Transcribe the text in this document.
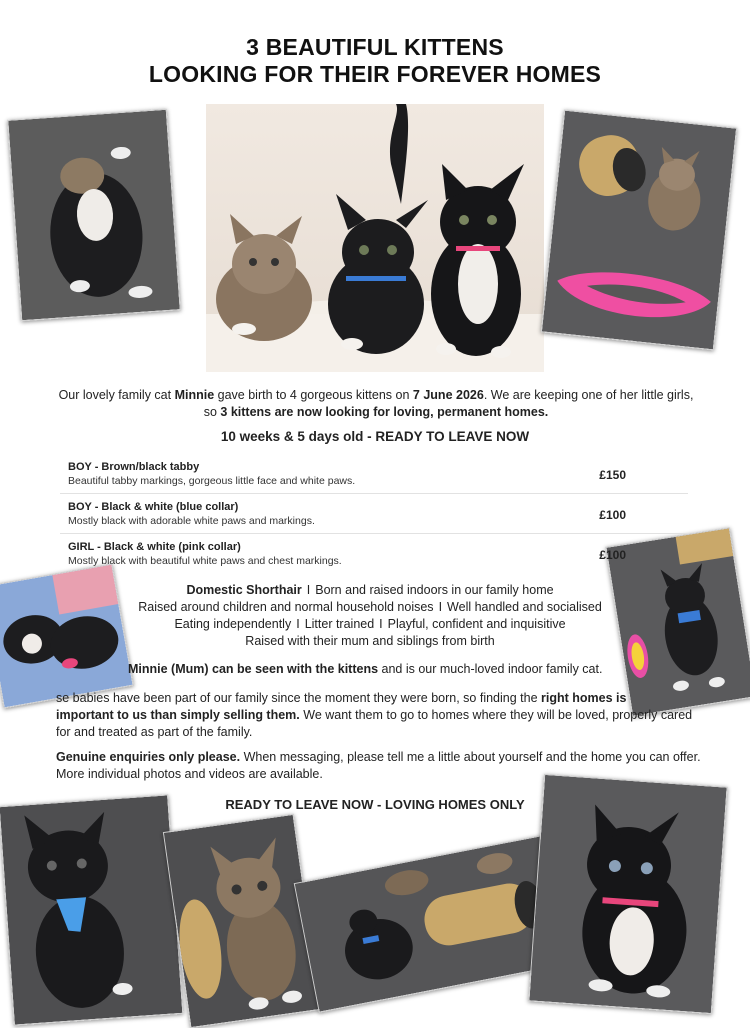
3 BEAUTIFUL KITTENS
LOOKING FOR THEIR FOREVER HOMES
Our lovely family cat Minnie gave birth to 4 gorgeous kittens on 7 June 2026. We are keeping one of her little girls, so 3 kittens are now looking for loving, permanent homes.
10 weeks & 5 days old - READY TO LEAVE NOW
BOY - Brown/black tabby
Beautiful tabby markings, gorgeous little face and white paws.	£150
BOY - Black & white (blue collar)
Mostly black with adorable white paws and markings.	£100
GIRL - Black & white (pink collar)
Mostly black with beautiful white paws and chest markings.	£100
Domestic Shorthair I Born and raised indoors in our family home
Raised around children and normal household noises I Well handled and socialised
Eating independently I Litter trained I Playful, confident and inquisitive
Raised with their mum and siblings from birth
Minnie (Mum) can be seen with the kittens and is our much-loved indoor family cat.
se babies have been part of our family since the moment they were born, so finding the right homes is
important to us than simply selling them. We want them to go to homes where they will be loved, properly cared for and treated as part of the family.
Genuine enquiries only please. When messaging, please tell me a little about yourself and the home you can offer. More individual photos and videos are available.
READY TO LEAVE NOW - LOVING HOMES ONLY
